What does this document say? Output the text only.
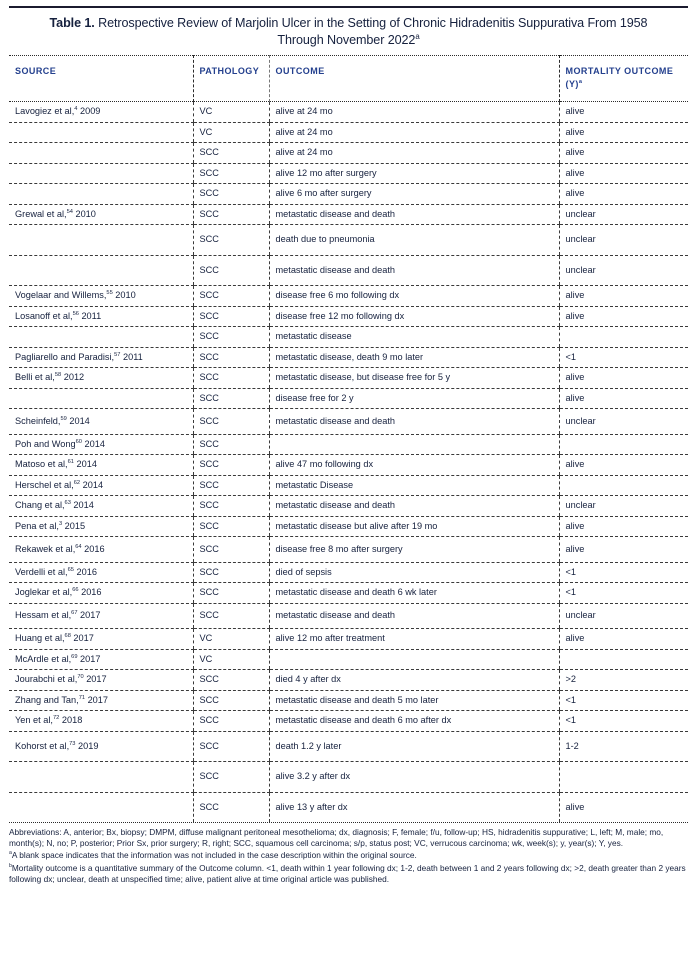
Table 1. Retrospective Review of Marjolin Ulcer in the Setting of Chronic Hidradenitis Suppurativa From 1958 Through November 2022$^a$
SOURCE	PATHOLOGY	OUTCOME	MORTALITY OUTCOME $(Y)^a$
Lavogiez et al,$^4$ 2009	VC	alive at 24 mo	alive
	VC	alive at 24 mo	alive
	SCC	alive at 24 mo	alive
	SCC	alive 12 mo after surgery	alive
	SCC	alive 6 mo after surgery	alive
Grewal et al,$^{54}$ 2010	SCC	metastatic disease and death	unclear
	SCC	death due to pneumonia	unclear
	SCC	metastatic disease and death	unclear
Vogelaar and Willems,$^{55}$ 2010	SCC	disease free 6 mo following dx	alive
Losanoff et al,$^{56}$ 2011	SCC	disease free 12 mo following dx	alive
	SCC	metastatic disease	
Pagliarello and Paradisi,$^{57}$ 2011	SCC	metastatic disease, death 9 mo later	<1
Belli et al,$^{58}$ 2012	SCC	metastatic disease, but disease free for 5 y	alive
	SCC	disease free for 2 y	alive
Scheinfeld,$^{59}$ 2014	SCC	metastatic disease and death	unclear
Poh and Wong$^{60}$ 2014	SCC		
Matoso et al,$^{61}$ 2014	SCC	alive 47 mo following dx	alive
Herschel et al,$^{62}$ 2014	SCC	metastatic Disease	
Chang et al,$^{63}$ 2014	SCC	metastatic disease and death	unclear
Pena et al,$^3$ 2015	SCC	metastatic disease but alive after 19 mo	alive
Rekawek et al,$^{64}$ 2016	SCC	disease free 8 mo after surgery	alive
Verdelli et al,$^{65}$ 2016	SCC	died of sepsis	<1
Joglekar et al,$^{66}$ 2016	SCC	metastatic disease and death 6 wk later	<1
Hessam et al,$^{67}$ 2017	SCC	metastatic disease and death	unclear
Huang et al,$^{68}$ 2017	VC	alive 12 mo after treatment	alive
McArdle et al,$^{69}$ 2017	VC		
Jourabchi et al,$^{70}$ 2017	SCC	died 4 y after dx	>2
Zhang and Tan,$^{71}$ 2017	SCC	metastatic disease and death 5 mo later	<1
Yen et al,$^{72}$ 2018	SCC	metastatic disease and death 6 mo after dx	<1
Kohorst et al,$^{73}$ 2019	SCC	death 1.2 y later	1-2
	SCC	alive 3.2 y after dx	
	SCC	alive 13 y after dx	alive

Abbreviations: A, anterior; Bx, biopsy; DMPM, diffuse malignant peritoneal mesothelioma; dx, diagnosis; F, female; f/u, follow-up; HS, hidradenitis suppurative; L, left; M, male; mo, month(s); N, no; P, posterior; Prior Sx, prior surgery; R, right; SCC, squamous cell carcinoma; s/p, status post; VC, verrucous carcinoma; wk, week(s); y, year(s); Y, yes.

$^a$A blank space indicates that the information was not included in the case description within the original source.

$^b$Mortality outcome is a quantitative summary of the Outcome column. <1, death within 1 year following dx; 1-2, death between 1 and 2 years following dx; >2, death greater than 2 years following dx; unclear, death at unspecified time; alive, patient alive at time original article was published.
